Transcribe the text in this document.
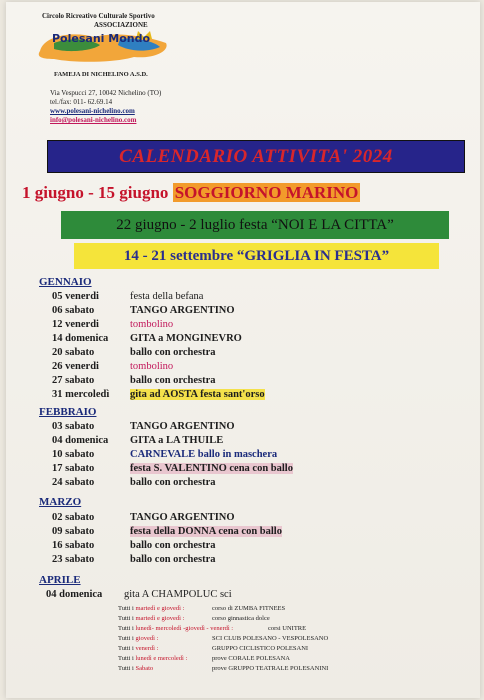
Circolo Ricreativo Culturale Sportivo
ASSOCIAZIONE
Polesani Mondo
FAMEJA DI NICHELINO A.S.D.
Via Vespucci 27, 10042 Nichelino (TO)
tel./fax: 011- 62.69.14
www.polesani-nichelino.com
info@polesani-nichelino.com
CALENDARIO ATTIVITA' 2024
1 giugno - 15 giugno SOGGIORNO MARINO
22 giugno - 2 luglio festa “NOI E LA CITTA”
14 - 21 settembre “GRIGLIA IN FESTA”
GENNAIO
05 venerdi	festa della befana
06 sabato	TANGO ARGENTINO
12 venerdi	tombolino
14 domenica GITA a MONGINEVRO
20 sabato	ballo con orchestra
26 venerdi	tombolino
27 sabato	ballo con orchestra
31 mercoledì gita ad AOSTA festa sant'orso
FEBBRAIO
03 sabato	TANGO ARGENTINO
04 domenica GITA a LA THUILE
10 sabato	CARNEVALE ballo in maschera
17 sabato	festa S. VALENTINO cena con ballo
24 sabato	ballo con orchestra
MARZO
02 sabato	TANGO ARGENTINO
09 sabato	festa della DONNA cena con ballo
16 sabato	ballo con orchestra
23 sabato	ballo con orchestra
APRILE
04 domenica gita A CHAMPOLUC sci
Tutti i martedì e giovedì :	corso di ZUMBA FITNEES
Tutti i martedì e giovedì :	corso ginnastica dolce
Tutti i lunedì- mercoledì -giovedì - venerdì :	corsi UNITRE
Tutti i giovedì :	SCI CLUB POLESANO - VESPOLESANO
Tutti i venerdì :	GRUPPO CICLISTICO POLESANI
Tutti i lunedì e mercoledì :	prove CORALE POLESANA
Tutti i Sabato	prove GRUPPO TEATRALE POLESANINI
